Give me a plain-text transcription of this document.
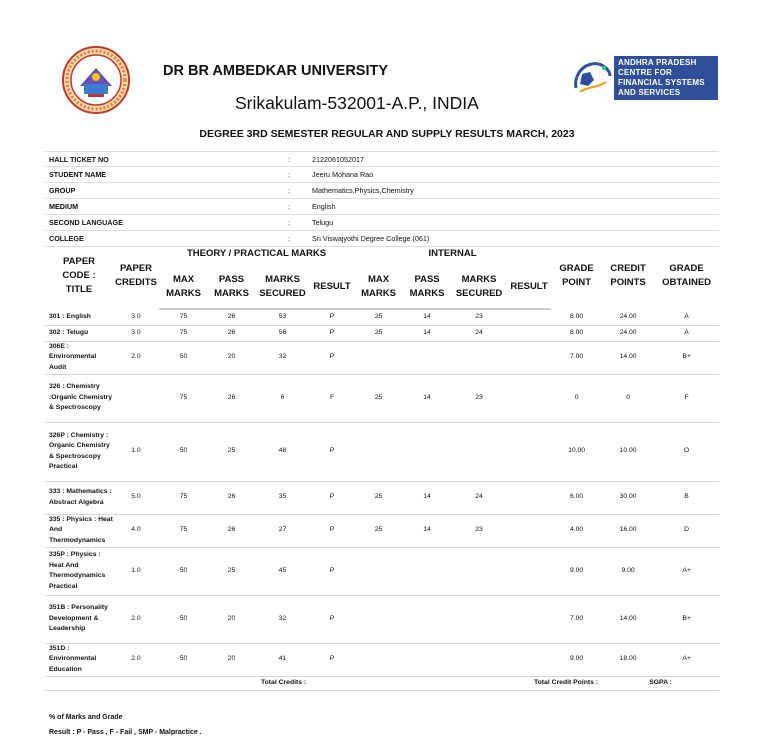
DR BR AMBEDKAR UNIVERSITY
Srikakulam-532001-A.P., INDIA
ANDHRA PRADESH CENTRE FOR FINANCIAL SYSTEMS AND SERVICES
DEGREE 3RD SEMESTER REGULAR AND SUPPLY RESULTS MARCH, 2023
HALL TICKET NO	:	2122061052017
STUDENT NAME	:	Jeeru Mohana Rao
GROUP	:	Mathematics,Physics,Chemistry
MEDIUM	:	English
SECOND LANGUAGE	:	Telugu
COLLEGE	:	Sri Viswajyothi Degree College (061)
PAPER CODE : TITLE	PAPER CREDITS	THEORY / PRACTICAL MARKS				INTERNAL				GRADE POINT	CREDIT POINTS	GRADE OBTAINED	
		MAX MARKS	PASS MARKS	MARKS SECURED	RESULT	MAX MARKS	PASS MARKS	MARKS SECURED	RESULT				
301 : English	3.0	75	26	53	P	25	14	23		8.00	24.00	A	
302 : Telugu	3.0	75	26	56	P	25	14	24		8.00	24.00	A	
306E : Environmental Audit	2.0	50	20	32	P					7.00	14.00	B+	
326 : Chemistry :Organic Chemistry & Spectroscopy		75	26	6	F	25	14	23		0	0	F	
326P : Chemistry : Organic Chemistry & Spectroscopy Practical	1.0	50	25	48	P					10.00	10.00	O	
333 : Mathematics : Abstract Algebra	5.0	75	26	35	P	25	14	24		6.00	30.00	B	
335 : Physics : Heat And Thermodynamics	4.0	75	26	27	P	25	14	23		4.00	16.00	D	
335P : Physics : Heat And Thermodynamics Practical	1.0	50	25	45	P					9.00	9.00	A+	
351B : Personality Development & Leadership	2.0	50	20	32	P					7.00	14.00	B+	
351D : Environmental Education	2.0	50	20	41	P					9.00	18.00	A+	
				Total Credits :					Total Credit Points :		SGPA :		
% of Marks and Grade
Result : P - Pass , F - Fail , SMP - Malpractice .
